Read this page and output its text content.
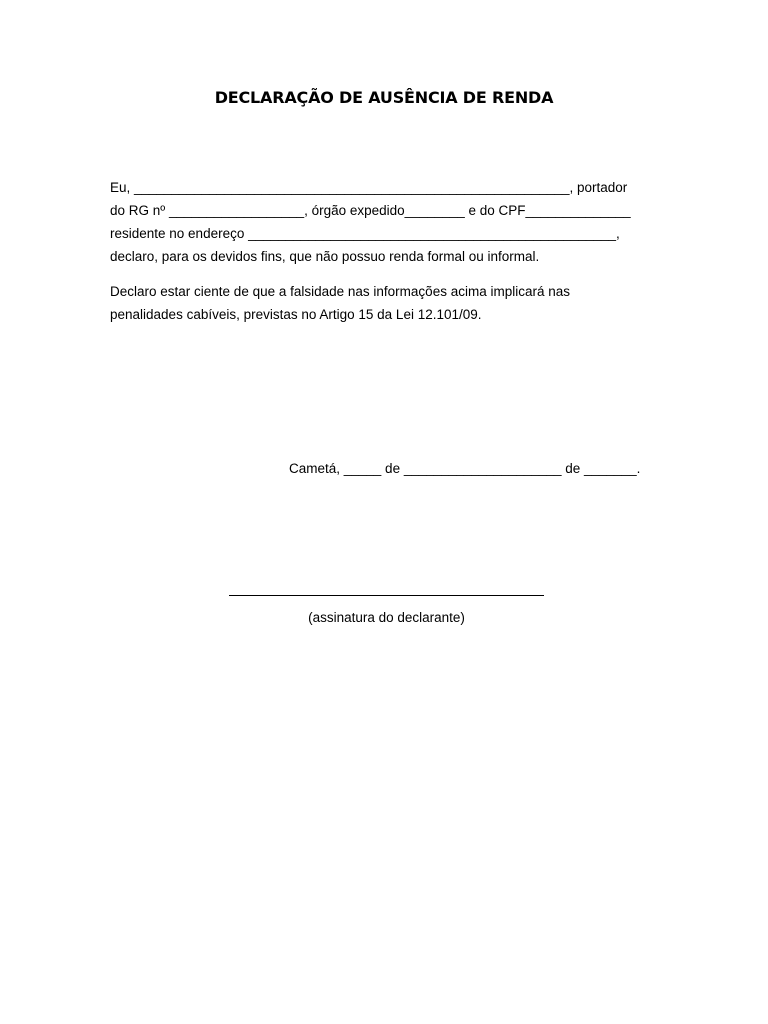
DECLARAÇÃO DE AUSÊNCIA DE RENDA
Eu, __________________________________________________________, portador
do RG nº __________________, órgão expedido________ e do CPF______________
residente no endereço _________________________________________________,
declaro, para os devidos fins, que não possuo renda formal ou informal.
Declaro estar ciente de que a falsidade nas informações acima implicará nas
penalidades cabíveis, previstas no Artigo 15 da Lei 12.101/09.
Cametá, _____ de _____________________ de _______.
(assinatura do declarante)
